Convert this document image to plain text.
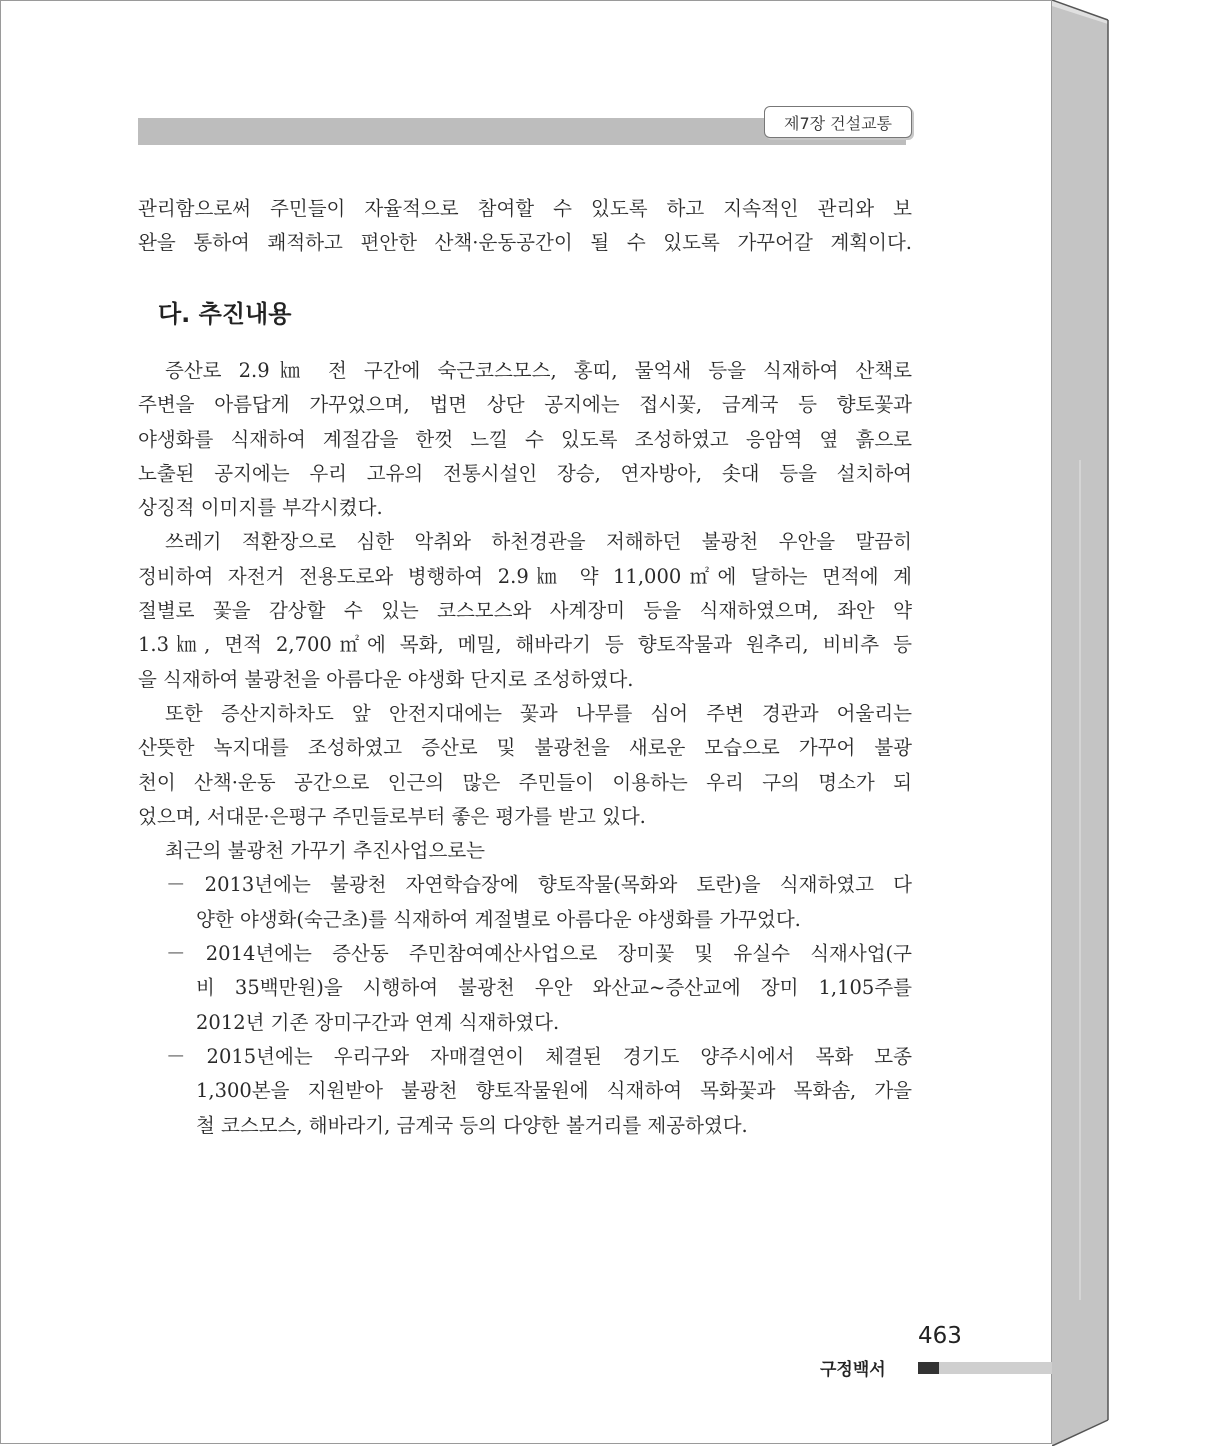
제7장 건설교통
관리함으로써 주민들이 자율적으로 참여할 수 있도록 하고 지속적인 관리와 보
완을 통하여 쾌적하고 편안한 산책·운동공간이 될 수 있도록 가꾸어갈 계획이다.
다. 추진내용
증산로 2.9㎞ 전 구간에 숙근코스모스, 홍띠, 물억새 등을 식재하여 산책로
주변을 아름답게 가꾸었으며, 법면 상단 공지에는 접시꽃, 금계국 등 향토꽃과
야생화를 식재하여 계절감을 한껏 느낄 수 있도록 조성하였고 응암역 옆 흙으로
노출된 공지에는 우리 고유의 전통시설인 장승, 연자방아, 솟대 등을 설치하여
상징적 이미지를 부각시켰다.
쓰레기 적환장으로 심한 악취와 하천경관을 저해하던 불광천 우안을 말끔히
정비하여 자전거 전용도로와 병행하여 2.9㎞ 약 11,000㎡에 달하는 면적에 계
절별로 꽃을 감상할 수 있는 코스모스와 사계장미 등을 식재하였으며, 좌안 약
1.3㎞, 면적 2,700㎡에 목화, 메밀, 해바라기 등 향토작물과 원추리, 비비추 등
을 식재하여 불광천을 아름다운 야생화 단지로 조성하였다.
또한 증산지하차도 앞 안전지대에는 꽃과 나무를 심어 주변 경관과 어울리는
산뜻한 녹지대를 조성하였고 증산로 및 불광천을 새로운 모습으로 가꾸어 불광
천이 산책·운동 공간으로 인근의 많은 주민들이 이용하는 우리 구의 명소가 되
었으며, 서대문·은평구 주민들로부터 좋은 평가를 받고 있다.
최근의 불광천 가꾸기 추진사업으로는
－ 2013년에는 불광천 자연학습장에 향토작물(목화와 토란)을 식재하였고 다
양한 야생화(숙근초)를 식재하여 계절별로 아름다운 야생화를 가꾸었다.
－ 2014년에는 증산동 주민참여예산사업으로 장미꽃 및 유실수 식재사업(구
비 35백만원)을 시행하여 불광천 우안 와산교~증산교에 장미 1,105주를
2012년 기존 장미구간과 연계 식재하였다.
－ 2015년에는 우리구와 자매결연이 체결된 경기도 양주시에서 목화 모종
1,300본을 지원받아 불광천 향토작물원에 식재하여 목화꽃과 목화솜, 가을
철 코스모스, 해바라기, 금계국 등의 다양한 볼거리를 제공하였다.
463
구정백서
